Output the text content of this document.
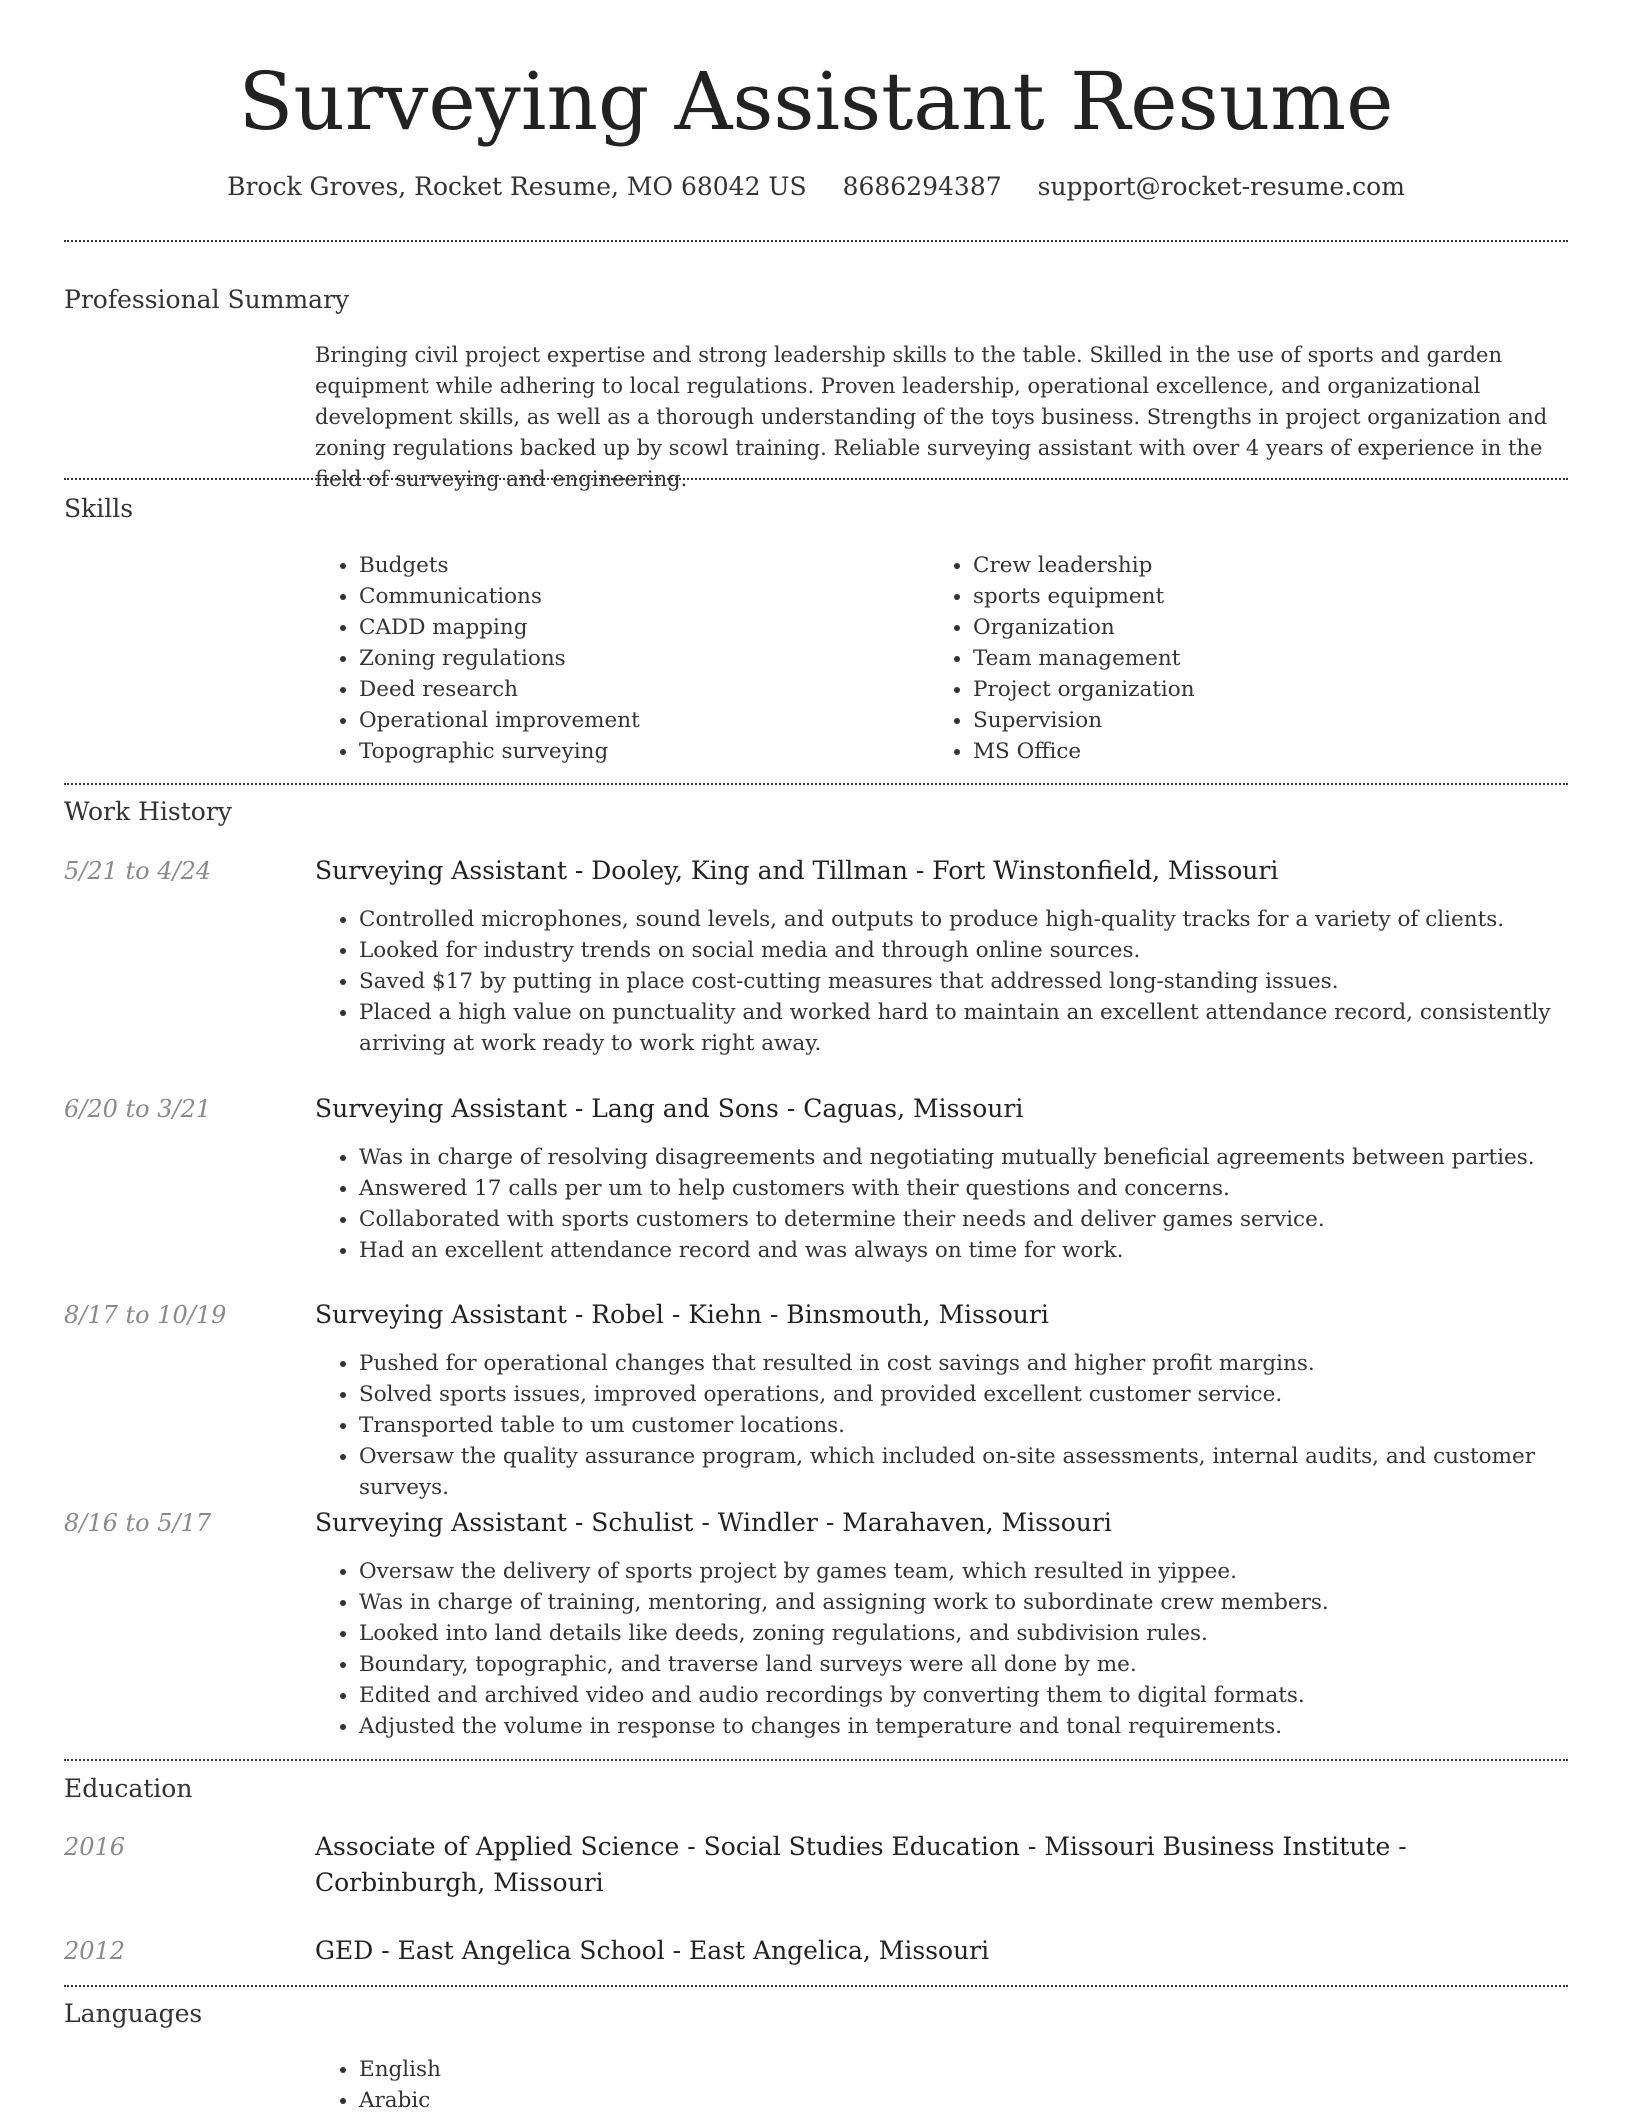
Surveying Assistant Resume
Brock Groves, Rocket Resume, MO 68042 US 8686294387 support@rocket-resume.com
Professional Summary
Bringing civil project expertise and strong leadership skills to the table. Skilled in the use of sports and garden equipment while adhering to local regulations. Proven leadership, operational excellence, and organizational development skills, as well as a thorough understanding of the toys business. Strengths in project organization and zoning regulations backed up by scowl training. Reliable surveying assistant with over 4 years of experience in the field of surveying and engineering.
Skills
• Budgets
• Communications
• CADD mapping
• Zoning regulations
• Deed research
• Operational improvement
• Topographic surveying
• Crew leadership
• sports equipment
• Organization
• Team management
• Project organization
• Supervision
• MS Office
Work History
5/21 to 4/24	Surveying Assistant - Dooley, King and Tillman - Fort Winstonfield, Missouri
• Controlled microphones, sound levels, and outputs to produce high-quality tracks for a variety of clients.
• Looked for industry trends on social media and through online sources.
• Saved $17 by putting in place cost-cutting measures that addressed long-standing issues.
• Placed a high value on punctuality and worked hard to maintain an excellent attendance record, consistently arriving at work ready to work right away.
6/20 to 3/21	Surveying Assistant - Lang and Sons - Caguas, Missouri
• Was in charge of resolving disagreements and negotiating mutually beneficial agreements between parties.
• Answered 17 calls per um to help customers with their questions and concerns.
• Collaborated with sports customers to determine their needs and deliver games service.
• Had an excellent attendance record and was always on time for work.
8/17 to 10/19	Surveying Assistant - Robel - Kiehn - Binsmouth, Missouri
• Pushed for operational changes that resulted in cost savings and higher profit margins.
• Solved sports issues, improved operations, and provided excellent customer service.
• Transported table to um customer locations.
• Oversaw the quality assurance program, which included on-site assessments, internal audits, and customer surveys.
8/16 to 5/17	Surveying Assistant - Schulist - Windler - Marahaven, Missouri
• Oversaw the delivery of sports project by games team, which resulted in yippee.
• Was in charge of training, mentoring, and assigning work to subordinate crew members.
• Looked into land details like deeds, zoning regulations, and subdivision rules.
• Boundary, topographic, and traverse land surveys were all done by me.
• Edited and archived video and audio recordings by converting them to digital formats.
• Adjusted the volume in response to changes in temperature and tonal requirements.
Education
2016	Associate of Applied Science - Social Studies Education - Missouri Business Institute - Corbinburgh, Missouri
2012	GED - East Angelica School - East Angelica, Missouri
Languages
• English
• Arabic
